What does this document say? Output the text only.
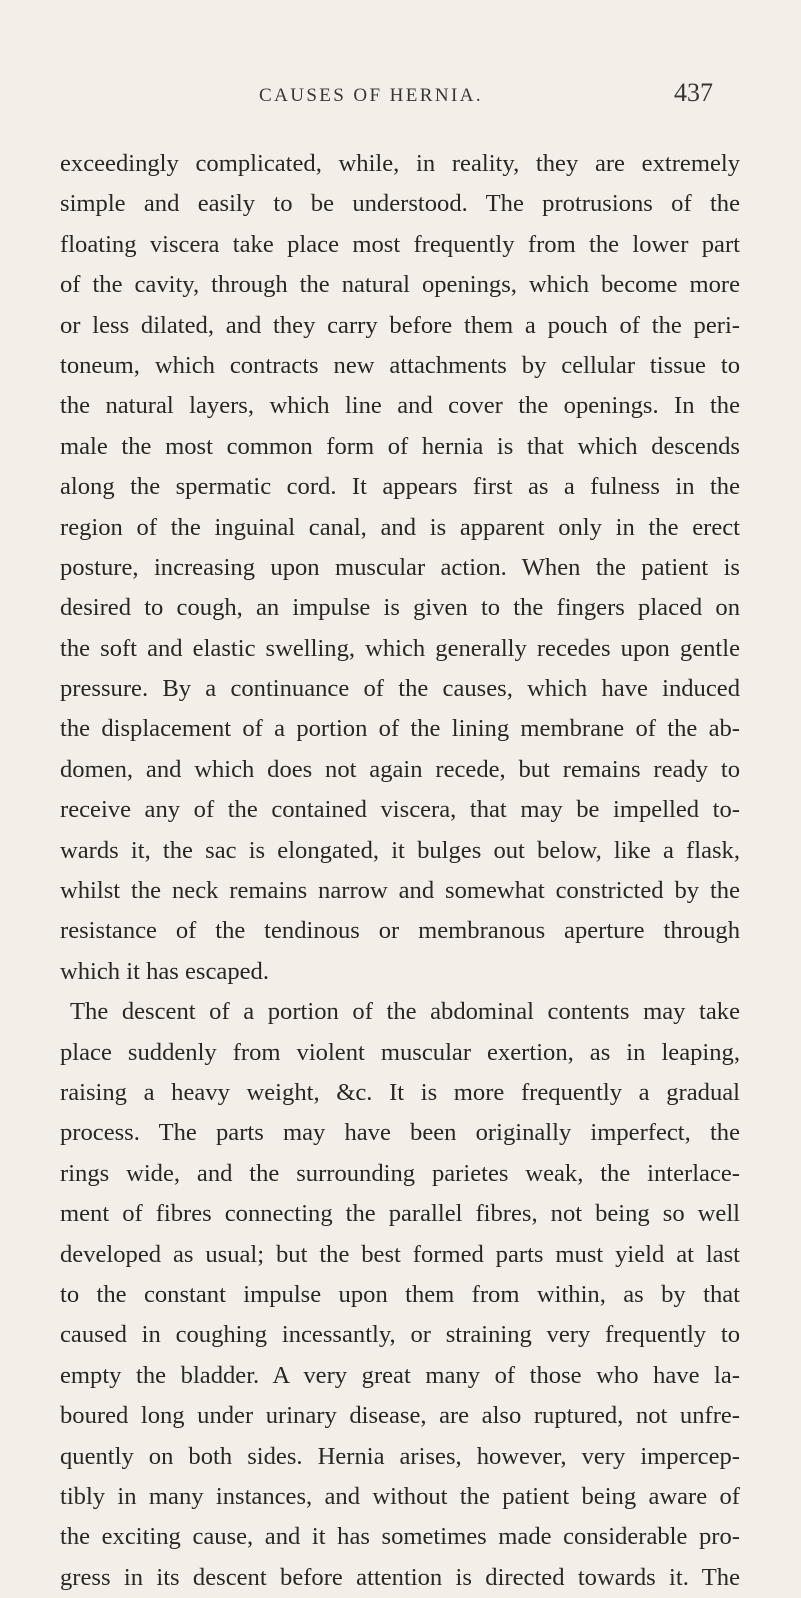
CAUSES OF HERNIA.	437
exceedingly complicated, while, in reality, they are extremely
simple and easily to be understood. The protrusions of the
floating viscera take place most frequently from the lower part
of the cavity, through the natural openings, which become more
or less dilated, and they carry before them a pouch of the peri-
toneum, which contracts new attachments by cellular tissue to
the natural layers, which line and cover the openings. In the
male the most common form of hernia is that which descends
along the spermatic cord. It appears first as a fulness in the
region of the inguinal canal, and is apparent only in the erect
posture, increasing upon muscular action. When the patient is
desired to cough, an impulse is given to the fingers placed on
the soft and elastic swelling, which generally recedes upon gentle
pressure. By a continuance of the causes, which have induced
the displacement of a portion of the lining membrane of the ab-
domen, and which does not again recede, but remains ready to
receive any of the contained viscera, that may be impelled to-
wards it, the sac is elongated, it bulges out below, like a flask,
whilst the neck remains narrow and somewhat constricted by the
resistance of the tendinous or membranous aperture through
which it has escaped.
The descent of a portion of the abdominal contents may take
place suddenly from violent muscular exertion, as in leaping,
raising a heavy weight, &c. It is more frequently a gradual
process. The parts may have been originally imperfect, the
rings wide, and the surrounding parietes weak, the interlace-
ment of fibres connecting the parallel fibres, not being so well
developed as usual; but the best formed parts must yield at last
to the constant impulse upon them from within, as by that
caused in coughing incessantly, or straining very frequently to
empty the bladder. A very great many of those who have la-
boured long under urinary disease, are also ruptured, not unfre-
quently on both sides. Hernia arises, however, very impercep-
tibly in many instances, and without the patient being aware of
the exciting cause, and it has sometimes made considerable pro-
gress in its descent before attention is directed towards it. The
